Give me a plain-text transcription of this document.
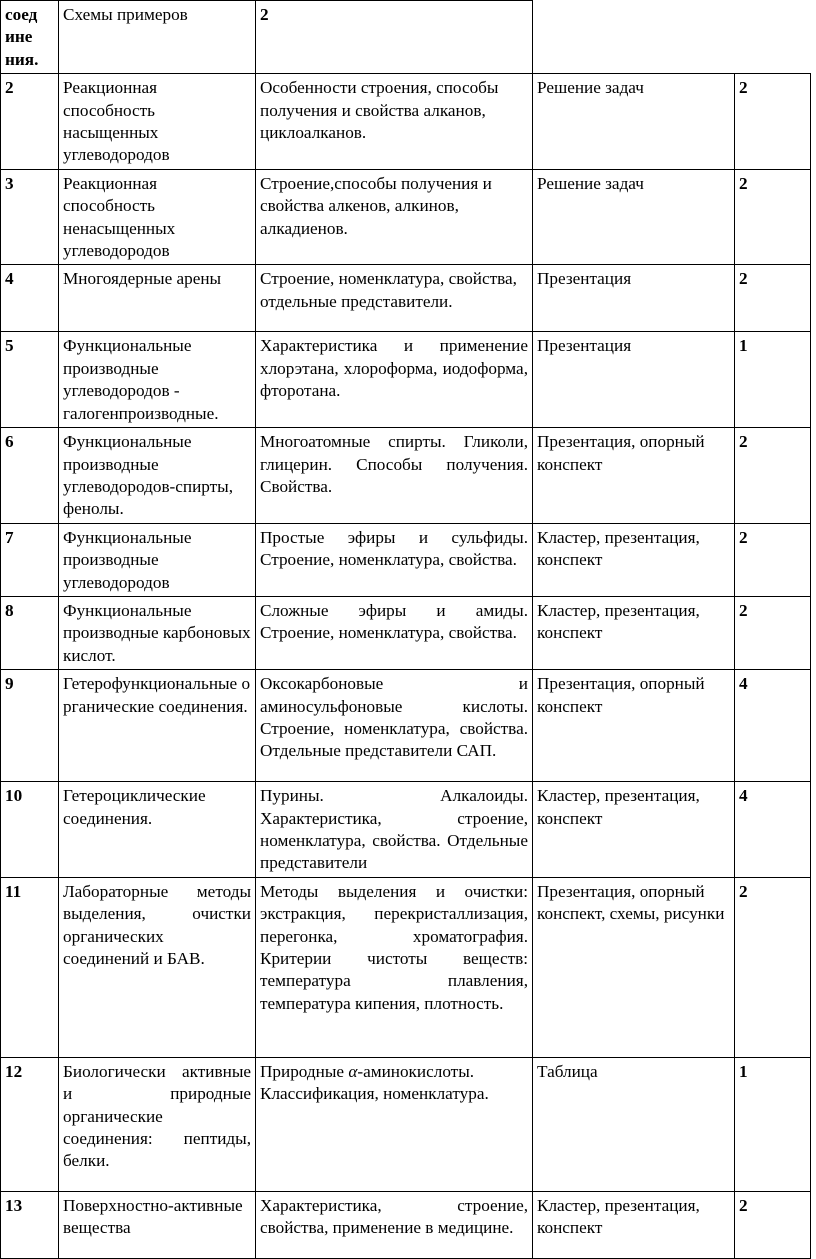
соед ине ния.	Схемы примеров	2		
2	Реакционная способность насыщенных углеводородов	Особенности строения, способы получения и свойства алканов, циклоалканов.	Решение задач	2
3	Реакционная способность ненасыщенных углеводородов	Строение,способы получения и свойства алкенов, алкинов, алкадиенов.	Решение задач	2
4	Многоядерные арены	Строение, номенклатура, свойства, отдельные представители.	Презентация	2
5	Функциональные производные углеводородов - галогенпроизводные.	Характеристика и применение хлорэтана, хлороформа, иодоформа, фторотана.	Презентация	1
6	Функциональные производные углеводородов-спирты, фенолы.	Многоатомные спирты. Гликоли, глицерин. Способы получения. Свойства.	Презентация, опорный конспект	2
7	Функциональные производные углеводородов	Простые эфиры и сульфиды. Строение, номенклатура, свойства.	Кластер, презентация, конспект	2
8	Функциональные производные карбоновых кислот.	Сложные эфиры и амиды. Строение, номенклатура, свойства.	Кластер, презентация, конспект	2
9	Гетерофункциональные органические соединения.	Оксокарбоновые и аминосульфоновые кислоты. Строение, номенклатура, свойства. Отдельные представители САП.	Презентация, опорный конспект	4
10	Гетероциклические соединения.	Пурины. Алкалоиды. Характеристика, строение, номенклатура, свойства. Отдельные представители	Кластер, презентация, конспект	4
11	Лабораторные методы выделения, очистки органических соединений и БАВ.	Методы выделения и очистки: экстракция, перекристаллизация, перегонка, хроматография. Критерии чистоты веществ: температура плавления, температура кипения, плотность.	Презентация, опорный конспект, схемы, рисунки	2
12	Биологически активные и природные органические соединения: пептиды, белки.	Природные α-аминокислоты. Классификация, номенклатура.	Таблица	1
13	Поверхностно-активные вещества	Характеристика, строение, свойства, применение в медицине.	Кластер, презентация, конспект	2
